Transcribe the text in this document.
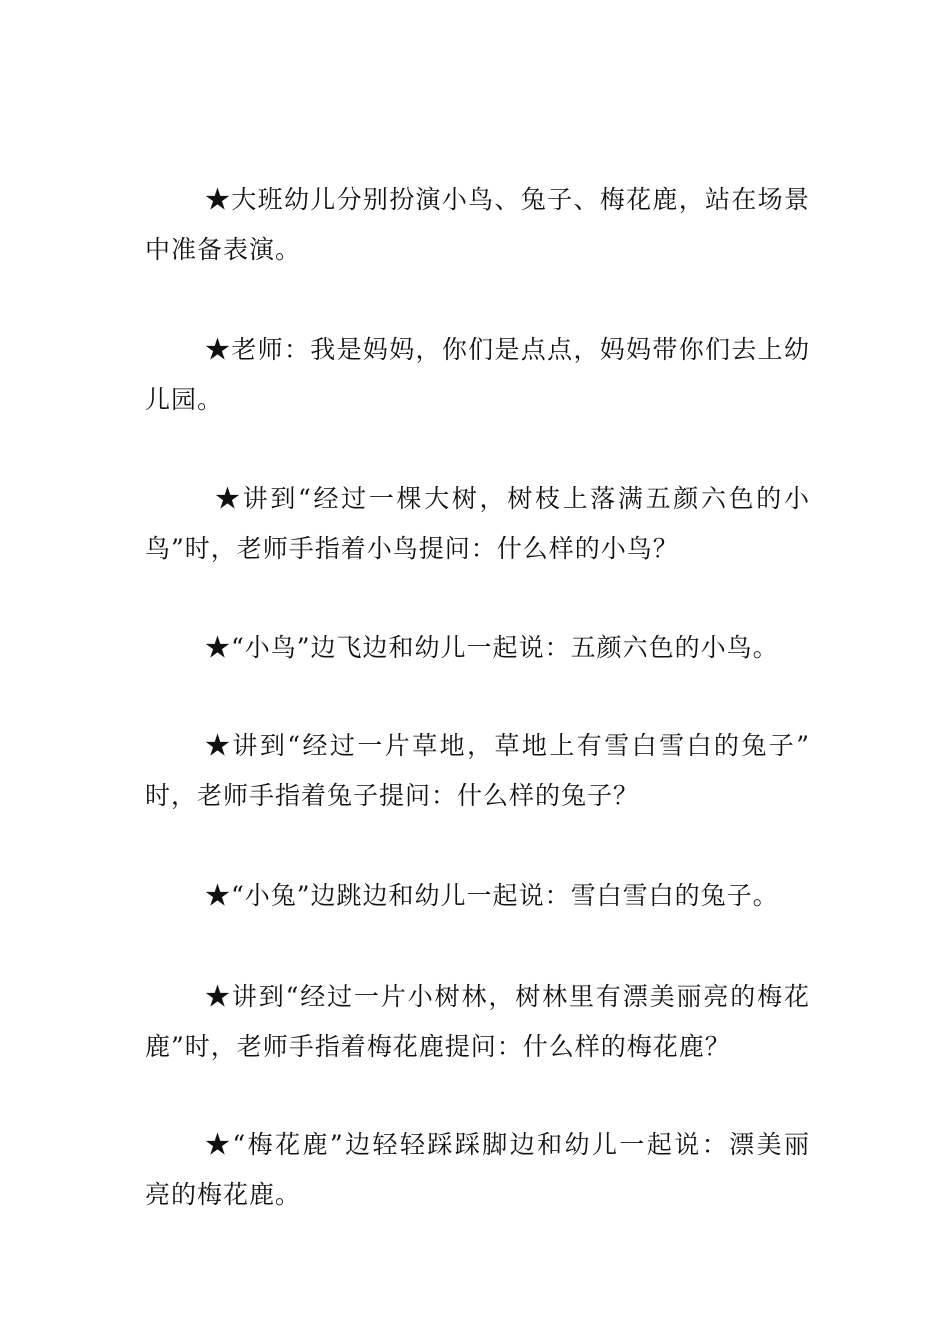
★大班幼儿分别扮演小鸟、兔子、梅花鹿，站在场景
中准备表演。
★老师：我是妈妈，你们是点点，妈妈带你们去上幼
儿园。
★讲到“经过一棵大树，树枝上落满五颜六色的小
鸟”时，老师手指着小鸟提问：什么样的小鸟？
★“小鸟”边飞边和幼儿一起说：五颜六色的小鸟。
★讲到“经过一片草地，草地上有雪白雪白的兔子”
时，老师手指着兔子提问：什么样的兔子？
★“小兔”边跳边和幼儿一起说：雪白雪白的兔子。
★讲到“经过一片小树林，树林里有漂美丽亮的梅花
鹿”时，老师手指着梅花鹿提问：什么样的梅花鹿？
★“梅花鹿”边轻轻踩踩脚边和幼儿一起说：漂美丽
亮的梅花鹿。
